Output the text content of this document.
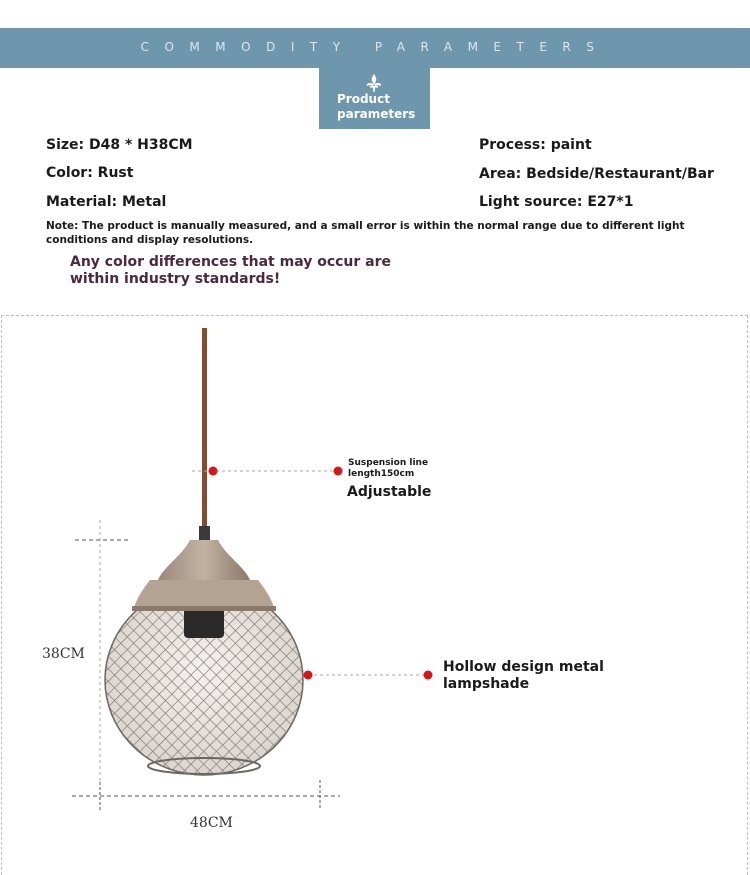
COMMODITY PARAMETERS
Product
parameters
Size: D48 * H38CM
Color: Rust
Material: Metal
Process: paint
Area: Bedside/Restaurant/Bar
Light source: E27*1
Note: The product is manually measured, and a small error is within the normal range due to different light conditions and display resolutions.
Any color differences that may occur are within industry standards!
Suspension line
length150cm
Adjustable
Hollow design metal
lampshade
38CM
48CM
